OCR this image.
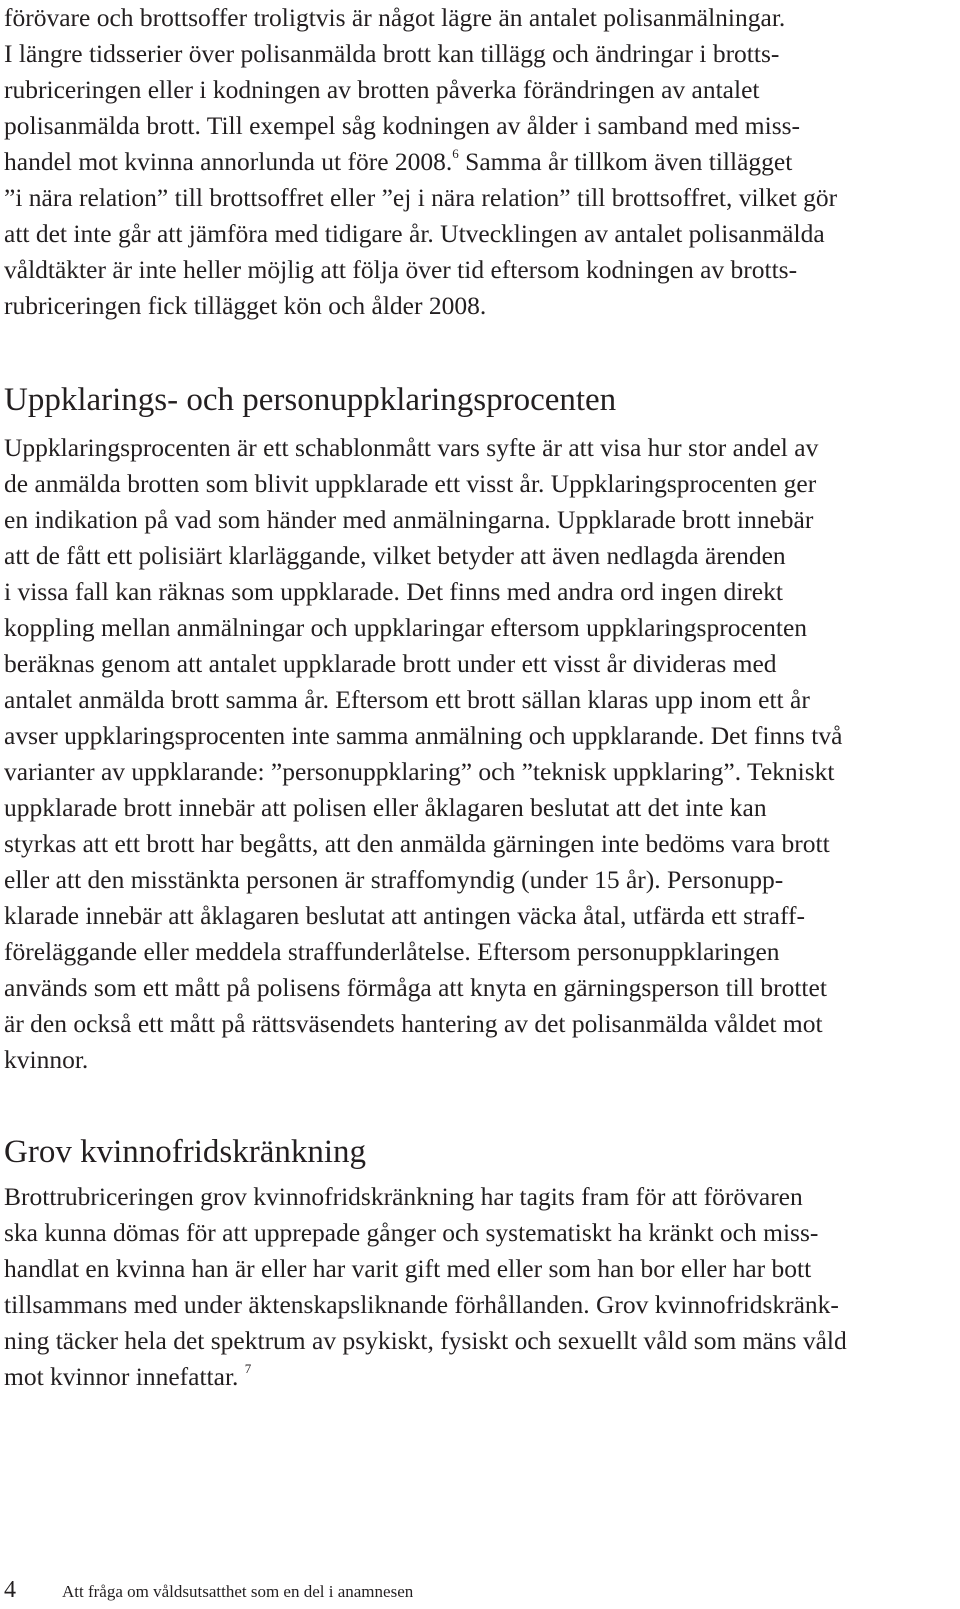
förövare och brottsoffer troligtvis är något lägre än antalet polisanmälningar.
I längre tidsserier över polisanmälda brott kan tillägg och ändringar i brotts-
rubriceringen eller i kodningen av brotten påverka förändringen av antalet
polisanmälda brott. Till exempel såg kodningen av ålder i samband med miss-
handel mot kvinna annorlunda ut före 2008.$^6$ Samma år tillkom även tillägget
”i nära relation” till brottsoffret eller ”ej i nära relation” till brottsoffret, vilket gör
att det inte går att jämföra med tidigare år. Utvecklingen av antalet polisanmälda
våldtäkter är inte heller möjlig att följa över tid eftersom kodningen av brotts-
rubriceringen fick tillägget kön och ålder 2008.

Uppklarings- och personuppklaringsprocenten

Uppklaringsprocenten är ett schablonmått vars syfte är att visa hur stor andel av
de anmälda brotten som blivit uppklarade ett visst år. Uppklaringsprocenten ger
en indikation på vad som händer med anmälningarna. Uppklarade brott innebär
att de fått ett polisiärt klarläggande, vilket betyder att även nedlagda ärenden
i vissa fall kan räknas som uppklarade. Det finns med andra ord ingen direkt
koppling mellan anmälningar och uppklaringar eftersom uppklaringsprocenten
beräknas genom att antalet uppklarade brott under ett visst år divideras med
antalet anmälda brott samma år. Eftersom ett brott sällan klaras upp inom ett år
avser uppklaringsprocenten inte samma anmälning och uppklarande. Det finns två
varianter av uppklarande: ”personuppklaring” och ”teknisk uppklaring”. Tekniskt
uppklarade brott innebär att polisen eller åklagaren beslutat att det inte kan
styrkas att ett brott har begåtts, att den anmälda gärningen inte bedöms vara brott
eller att den misstänkta personen är straffomyndig (under 15 år). Personupp-
klarade innebär att åklagaren beslutat att antingen väcka åtal, utfärda ett straff-
föreläggande eller meddela straffunderlåtelse. Eftersom personuppklaringen
används som ett mått på polisens förmåga att knyta en gärningsperson till brottet
är den också ett mått på rättsväsendets hantering av det polisanmälda våldet mot
kvinnor.

Grov kvinnofridskränkning

Brottrubriceringen grov kvinnofridskränkning har tagits fram för att förövaren
ska kunna dömas för att upprepade gånger och systematiskt ha kränkt och miss-
handlat en kvinna han är eller har varit gift med eller som han bor eller har bott
tillsammans med under äktenskapsliknande förhållanden. Grov kvinnofridskränk-
ning täcker hela det spektrum av psykiskt, fysiskt och sexuellt våld som mäns våld
mot kvinnor innefattar. $^7$

4	Att fråga om våldsutsatthet som en del i anamnesen
